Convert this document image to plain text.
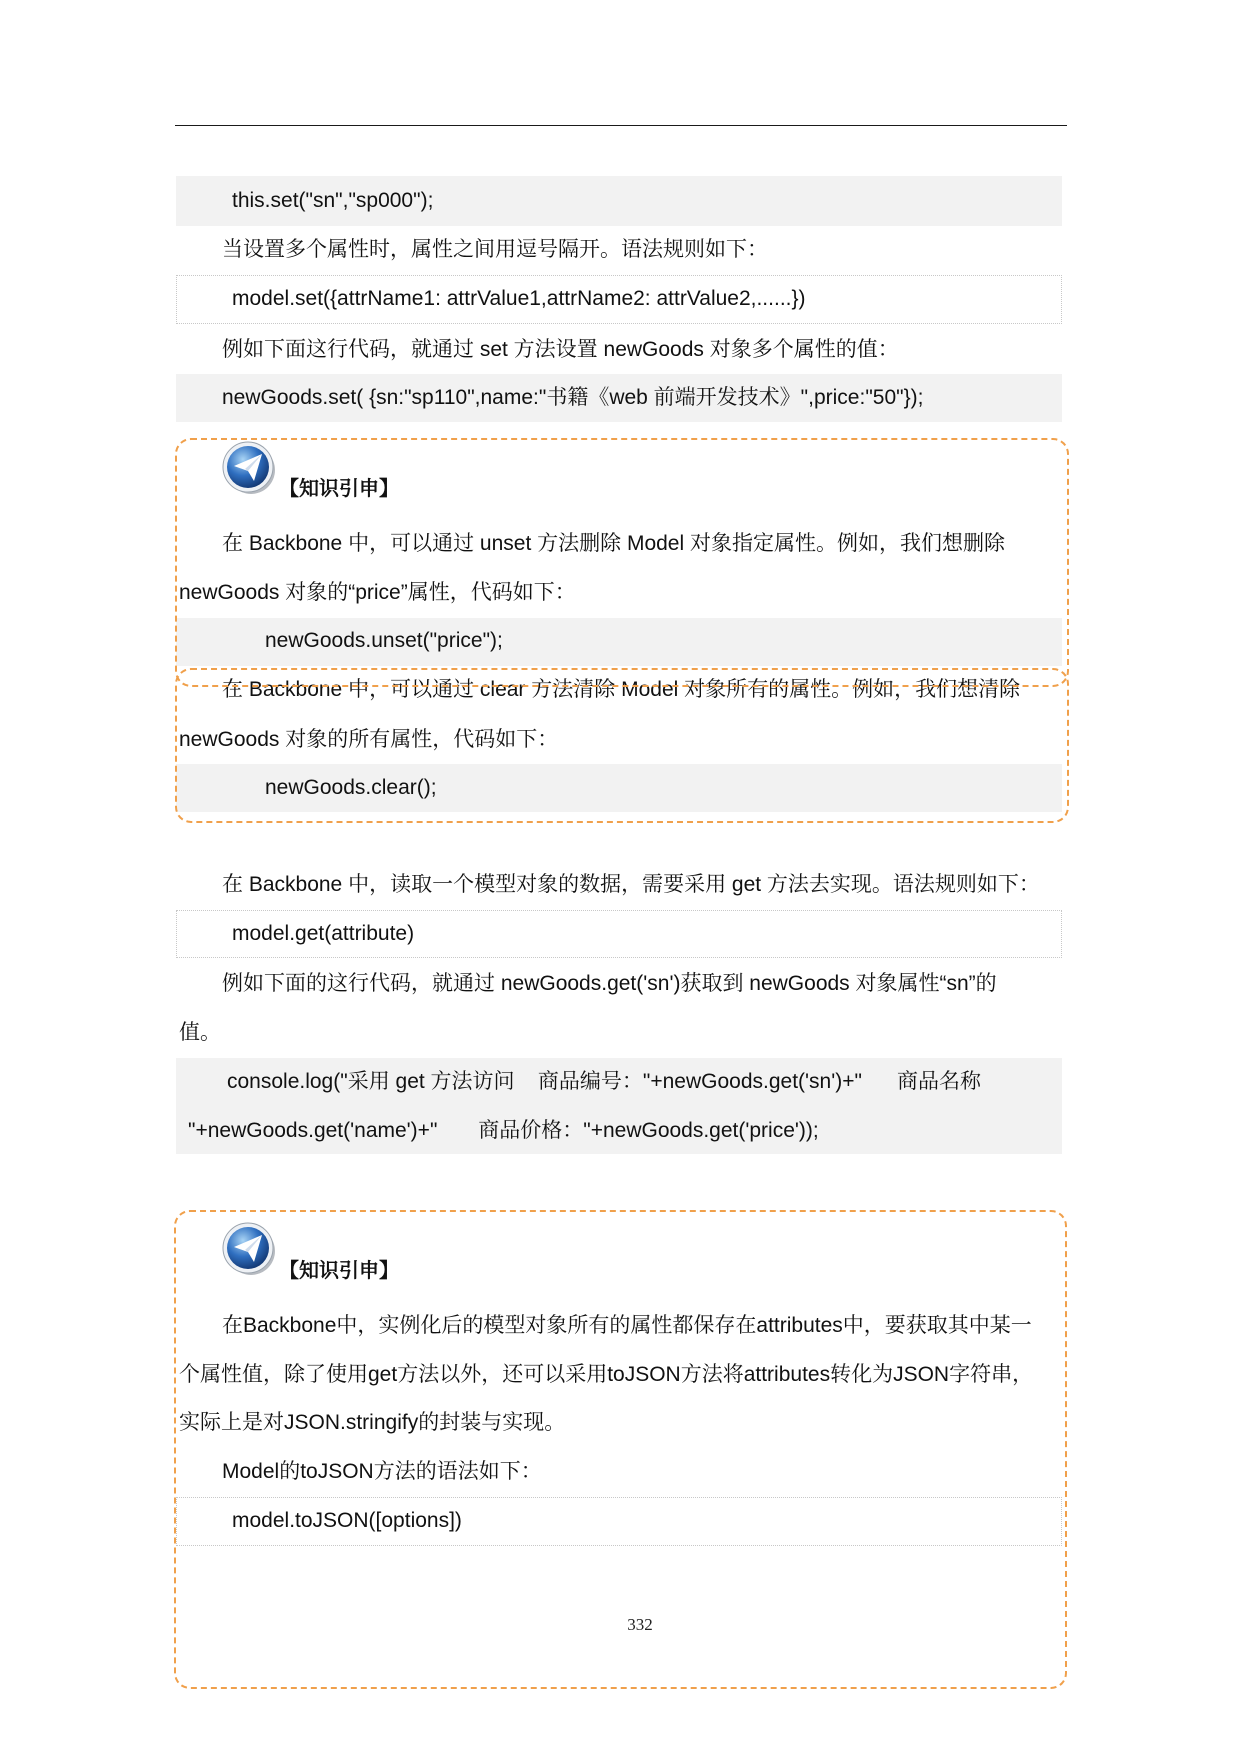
this.set("sn","sp000");
当设置多个属性时，属性之间用逗号隔开。语法规则如下：
model.set({attrName1: attrValue1,attrName2: attrValue2,......})
例如下面这行代码，就通过 set 方法设置 newGoods 对象多个属性的值：
newGoods.set( {sn:"sp110",name:"书籍《web 前端开发技术》",price:"50"});
【知识引申】
在 Backbone 中，可以通过 unset 方法删除 Model 对象指定属性。例如，我们想删除
newGoods 对象的“price”属性，代码如下：
newGoods.unset("price");
在 Backbone 中，可以通过 clear 方法清除 Model 对象所有的属性。例如，我们想清除
newGoods 对象的所有属性，代码如下：
newGoods.clear();
在 Backbone 中，读取一个模型对象的数据，需要采用 get 方法去实现。语法规则如下：
model.get(attribute)
例如下面的这行代码，就通过 newGoods.get('sn')获取到 newGoods 对象属性“sn”的
值。
console.log("采用 get 方法访问    商品编号："+newGoods.get('sn')+"      商品名称
"+newGoods.get('name')+"       商品价格："+newGoods.get('price'));
【知识引申】
在Backbone中，实例化后的模型对象所有的属性都保存在attributes中，要获取其中某一
个属性值，除了使用get方法以外，还可以采用toJSON方法将attributes转化为JSON字符串，
实际上是对JSON.stringify的封装与实现。
Model的toJSON方法的语法如下：
model.toJSON([options])
332
